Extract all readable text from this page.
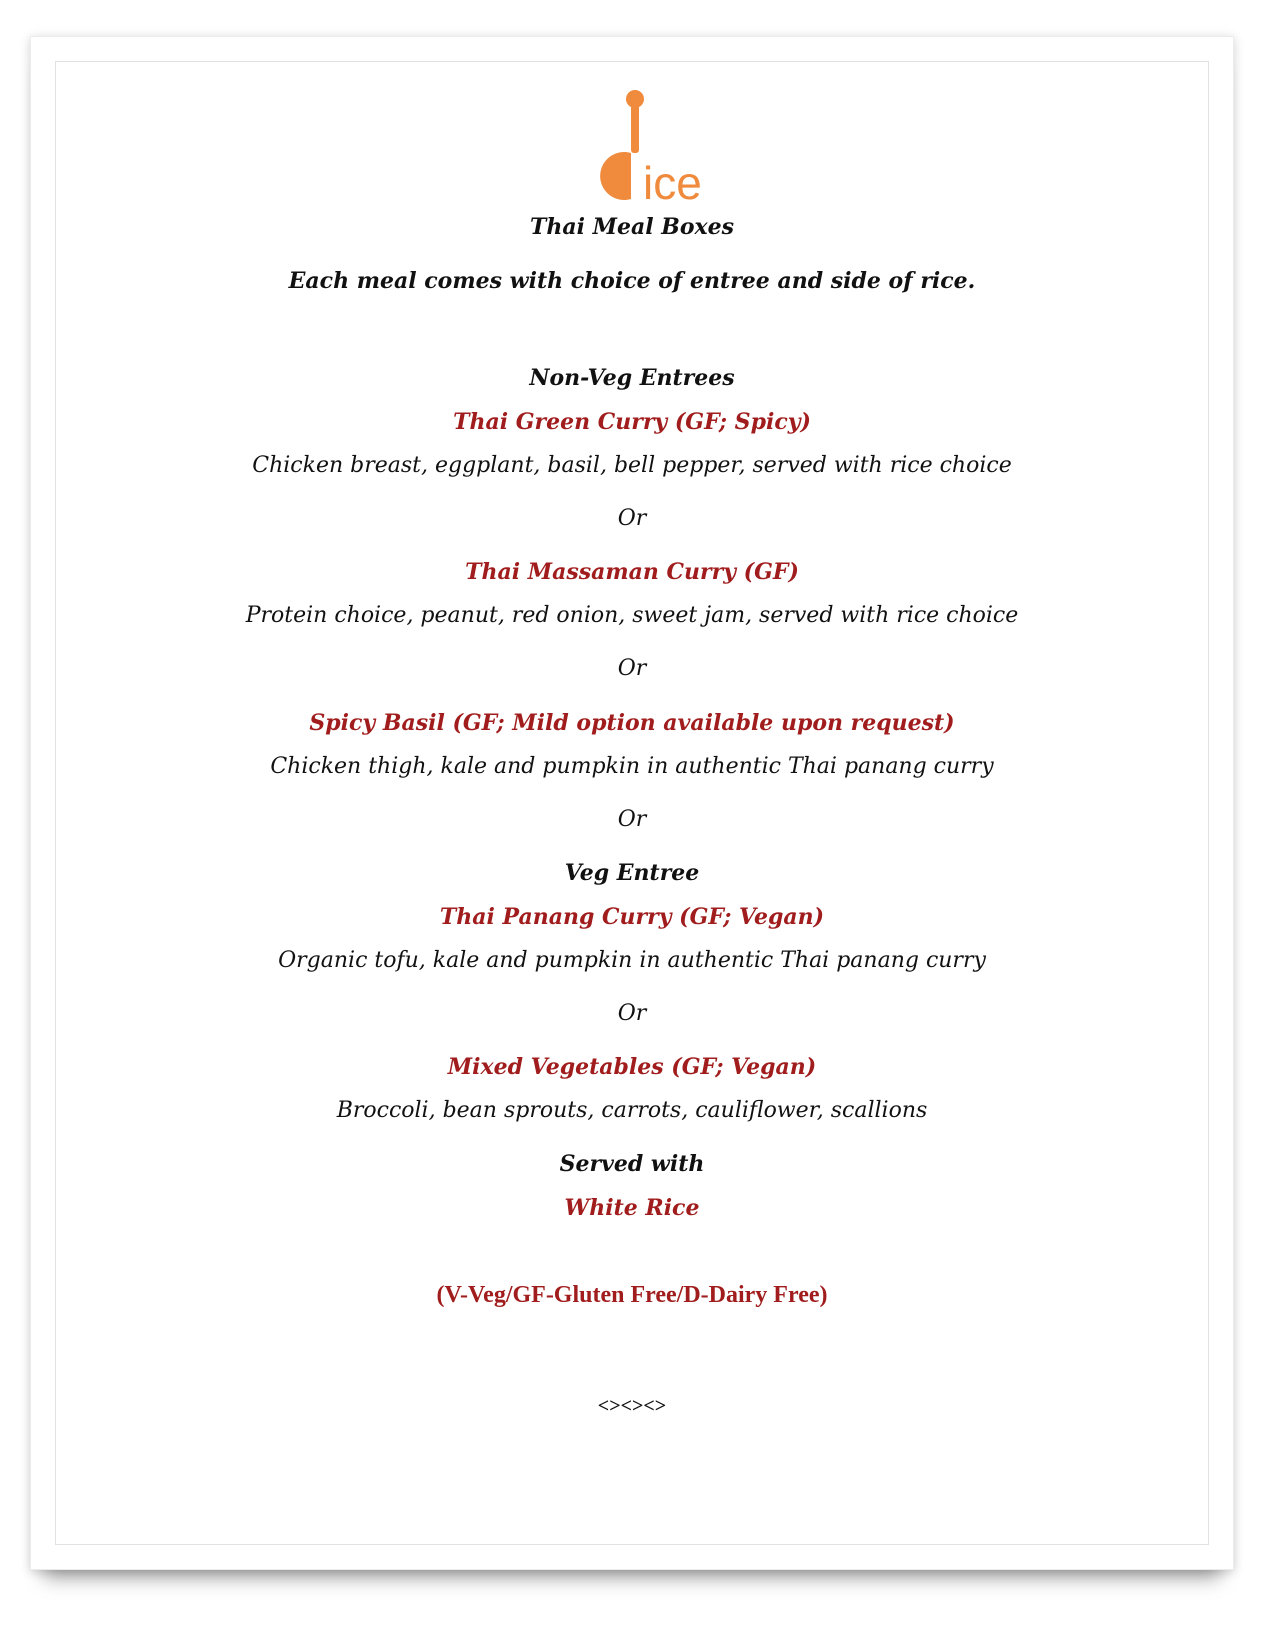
ice
Thai Meal Boxes
Each meal comes with choice of entree and side of rice.
Non-Veg Entrees
Thai Green Curry (GF; Spicy)
Chicken breast, eggplant, basil, bell pepper, served with rice choice
Or
Thai Massaman Curry (GF)
Protein choice, peanut, red onion, sweet jam, served with rice choice
Or
Spicy Basil (GF; Mild option available upon request)
Chicken thigh, kale and pumpkin in authentic Thai panang curry
Or
Veg Entree
Thai Panang Curry (GF; Vegan)
Organic tofu, kale and pumpkin in authentic Thai panang curry
Or
Mixed Vegetables (GF; Vegan)
Broccoli, bean sprouts, carrots, cauliflower, scallions
Served with
White Rice
(V-Veg/GF-Gluten Free/D-Dairy Free)
<><><>
